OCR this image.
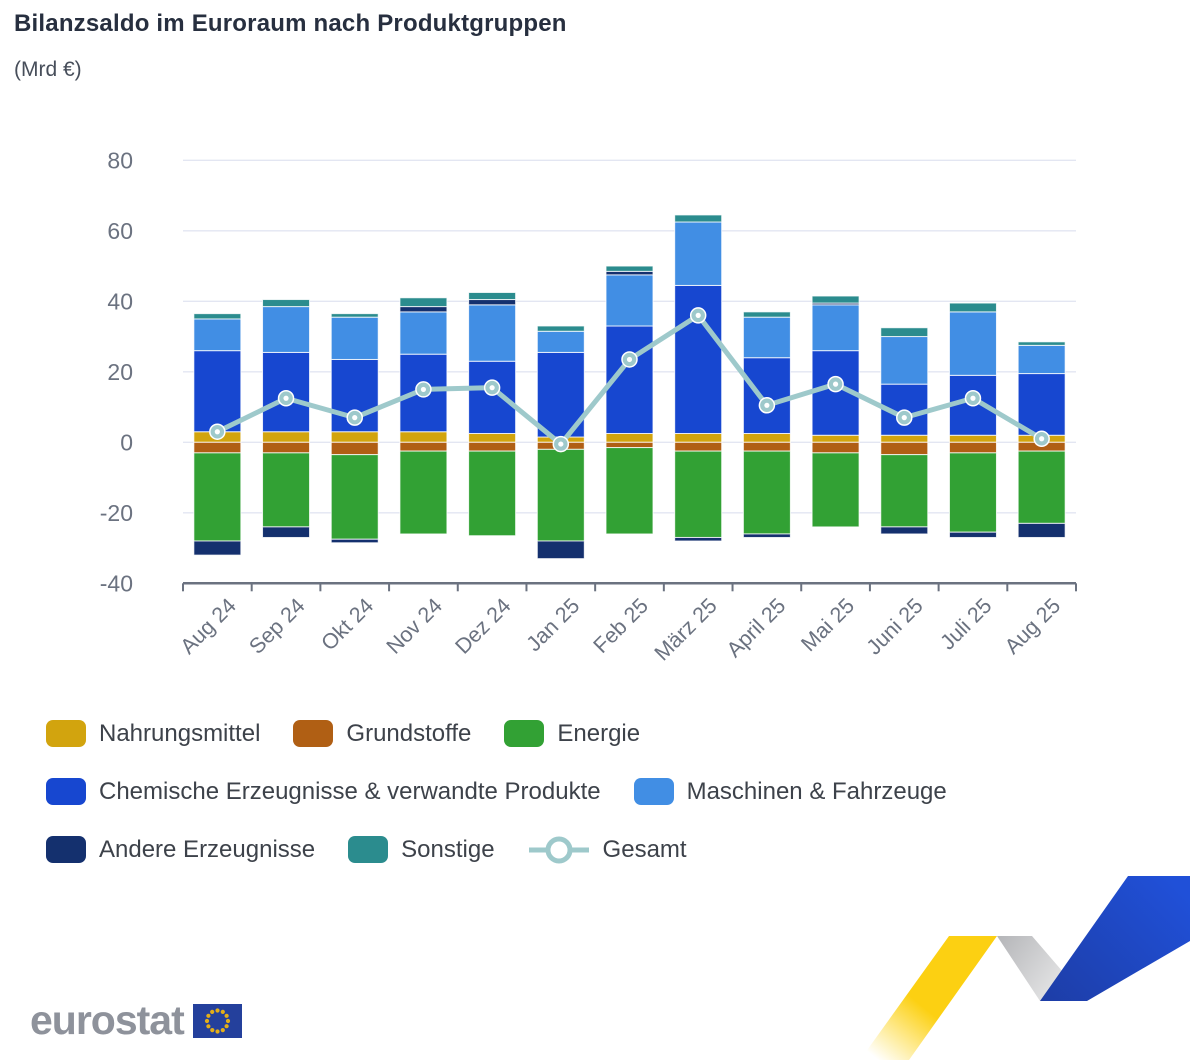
Bilanzsaldo im Euroraum nach Produktgruppen
(Mrd €)
80
60
40
20
0
-20
-40
Aug 24 Sep 24 Okt 24 Nov 24 Dez 24 Jan 25 Feb 25
März 25 April 25 Mai 25 Juni 25 Juli 25 Aug 25
Nahrungsmittel	Grundstoffe	Energie
Chemische Erzeugnisse & verwandte Produkte	Maschinen & Fahrzeuge
Andere Erzeugnisse	Sonstige	Gesamt
eurostat
